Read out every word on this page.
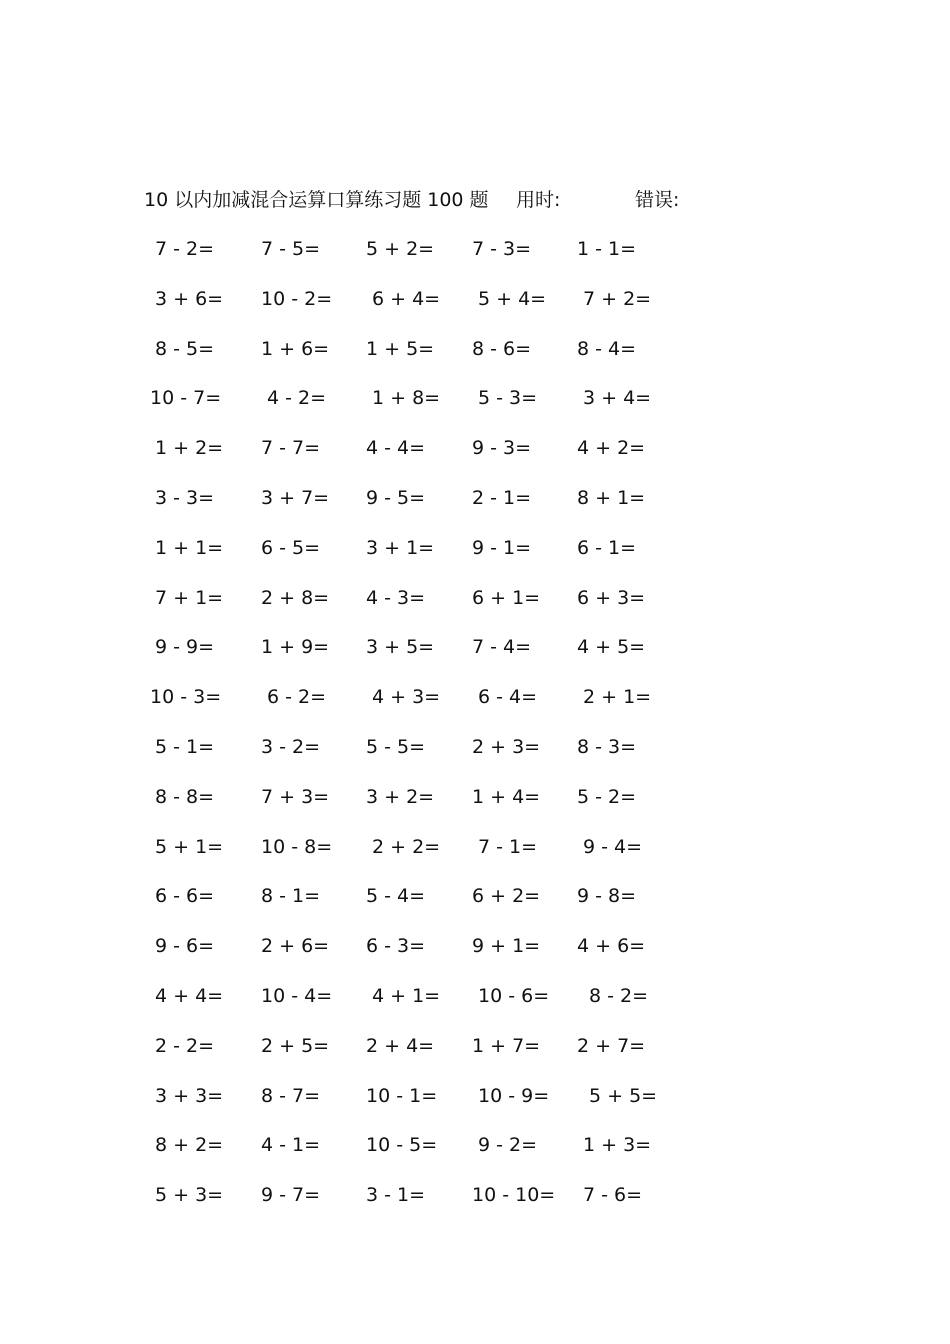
10 以内加减混合运算口算练习题 100 题 用时:	错误:
7 - 2= 7 - 5= 5 + 2= 7 - 3= 1 - 1=
3 + 6= 10 - 2= 6 + 4= 5 + 4= 7 + 2=
8 - 5= 1 + 6= 1 + 5= 8 - 6= 8 - 4=
10 - 7= 4 - 2= 1 + 8= 5 - 3= 3 + 4=
1 + 2= 7 - 7= 4 - 4= 9 - 3= 4 + 2=
3 - 3= 3 + 7= 9 - 5= 2 - 1= 8 + 1=
1 + 1= 6 - 5= 3 + 1= 9 - 1= 6 - 1=
7 + 1= 2 + 8= 4 - 3= 6 + 1= 6 + 3=
9 - 9= 1 + 9= 3 + 5= 7 - 4= 4 + 5=
10 - 3= 6 - 2= 4 + 3= 6 - 4= 2 + 1=
5 - 1= 3 - 2= 5 - 5= 2 + 3= 8 - 3=
8 - 8= 7 + 3= 3 + 2= 1 + 4= 5 - 2=
5 + 1= 10 - 8= 2 + 2= 7 - 1= 9 - 4=
6 - 6= 8 - 1= 5 - 4= 6 + 2= 9 - 8=
9 - 6= 2 + 6= 6 - 3= 9 + 1= 4 + 6=
4 + 4= 10 - 4= 4 + 1= 10 - 6= 8 - 2=
2 - 2= 2 + 5= 2 + 4= 1 + 7= 2 + 7=
3 + 3= 8 - 7= 10 - 1= 10 - 9= 5 + 5=
8 + 2= 4 - 1= 10 - 5= 9 - 2= 1 + 3=
5 + 3= 9 - 7= 3 - 1= 10 - 10= 7 - 6=
